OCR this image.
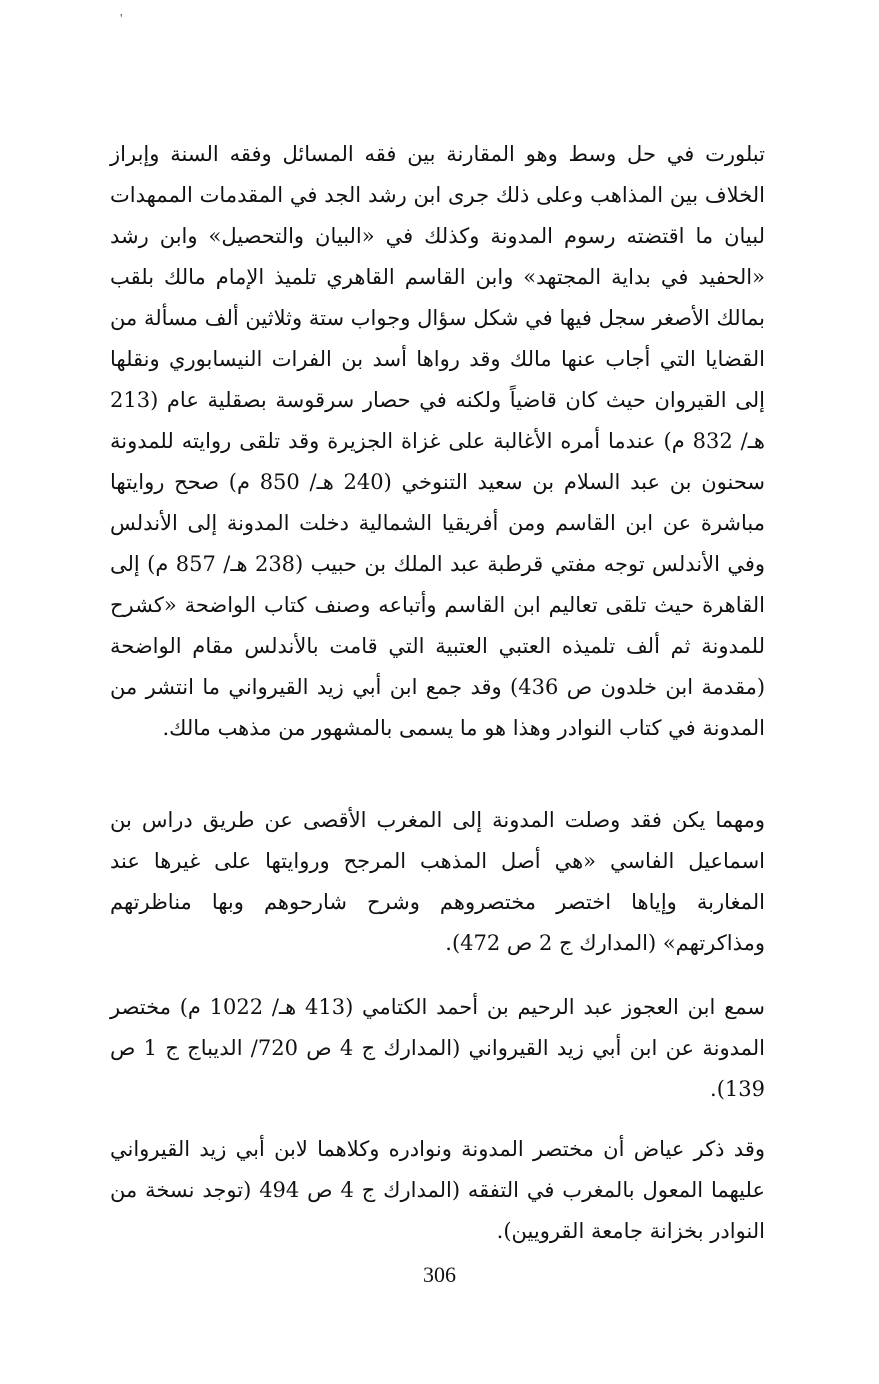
'

تبلورت في حل وسط وهو المقارنة بين فقه المسائل وفقه السنة وإبراز الخلاف بين المذاهب وعلى ذلك جرى ابن رشد الجد في المقدمات الممهدات لبيان ما اقتضته رسوم المدونة وكذلك في «البيان والتحصيل» وابن رشد «الحفيد في بداية المجتهد» وابن القاسم القاهري تلميذ الإمام مالك بلقب بمالك الأصغر سجل فيها في شكل سؤال وجواب ستة وثلاثين ألف مسألة من القضايا التي أجاب عنها مالك وقد رواها أسد بن الفرات النيسابوري ونقلها إلى القيروان حيث كان قاضياً ولكنه في حصار سرقوسة بصقلية عام (213 هـ/ 832 م) عندما أمره الأغالبة على غزاة الجزيرة وقد تلقى روايته للمدونة سحنون بن عبد السلام بن سعيد التنوخي (240 هـ/ 850 م) صحح روايتها مباشرة عن ابن القاسم ومن أفريقيا الشمالية دخلت المدونة إلى الأندلس وفي الأندلس توجه مفتي قرطبة عبد الملك بن حبيب (238 هـ/ 857 م) إلى القاهرة حيث تلقى تعاليم ابن القاسم وأتباعه وصنف كتاب الواضحة «كشرح للمدونة ثم ألف تلميذه العتبي العتبية التي قامت بالأندلس مقام الواضحة (مقدمة ابن خلدون ص 436) وقد جمع ابن أبي زيد القيرواني ما انتشر من المدونة في كتاب النوادر وهذا هو ما يسمى بالمشهور من مذهب مالك.

ومهما يكن فقد وصلت المدونة إلى المغرب الأقصى عن طريق دراس بن اسماعيل الفاسي «هي أصل المذهب المرجح وروايتها على غيرها عند المغاربة وإياها اختصر مختصروهم وشرح شارحوهم وبها مناظرتهم ومذاكرتهم» (المدارك ج 2 ص 472).

سمع ابن العجوز عبد الرحيم بن أحمد الكتامي (413 هـ/ 1022 م) مختصر المدونة عن ابن أبي زيد القيرواني (المدارك ج 4 ص 720/ الديباج ج 1 ص 139).

وقد ذكر عياض أن مختصر المدونة ونوادره وكلاهما لابن أبي زيد القيرواني عليهما المعول بالمغرب في التفقه (المدارك ج 4 ص 494 (توجد نسخة من النوادر بخزانة جامعة القرويين).

306
